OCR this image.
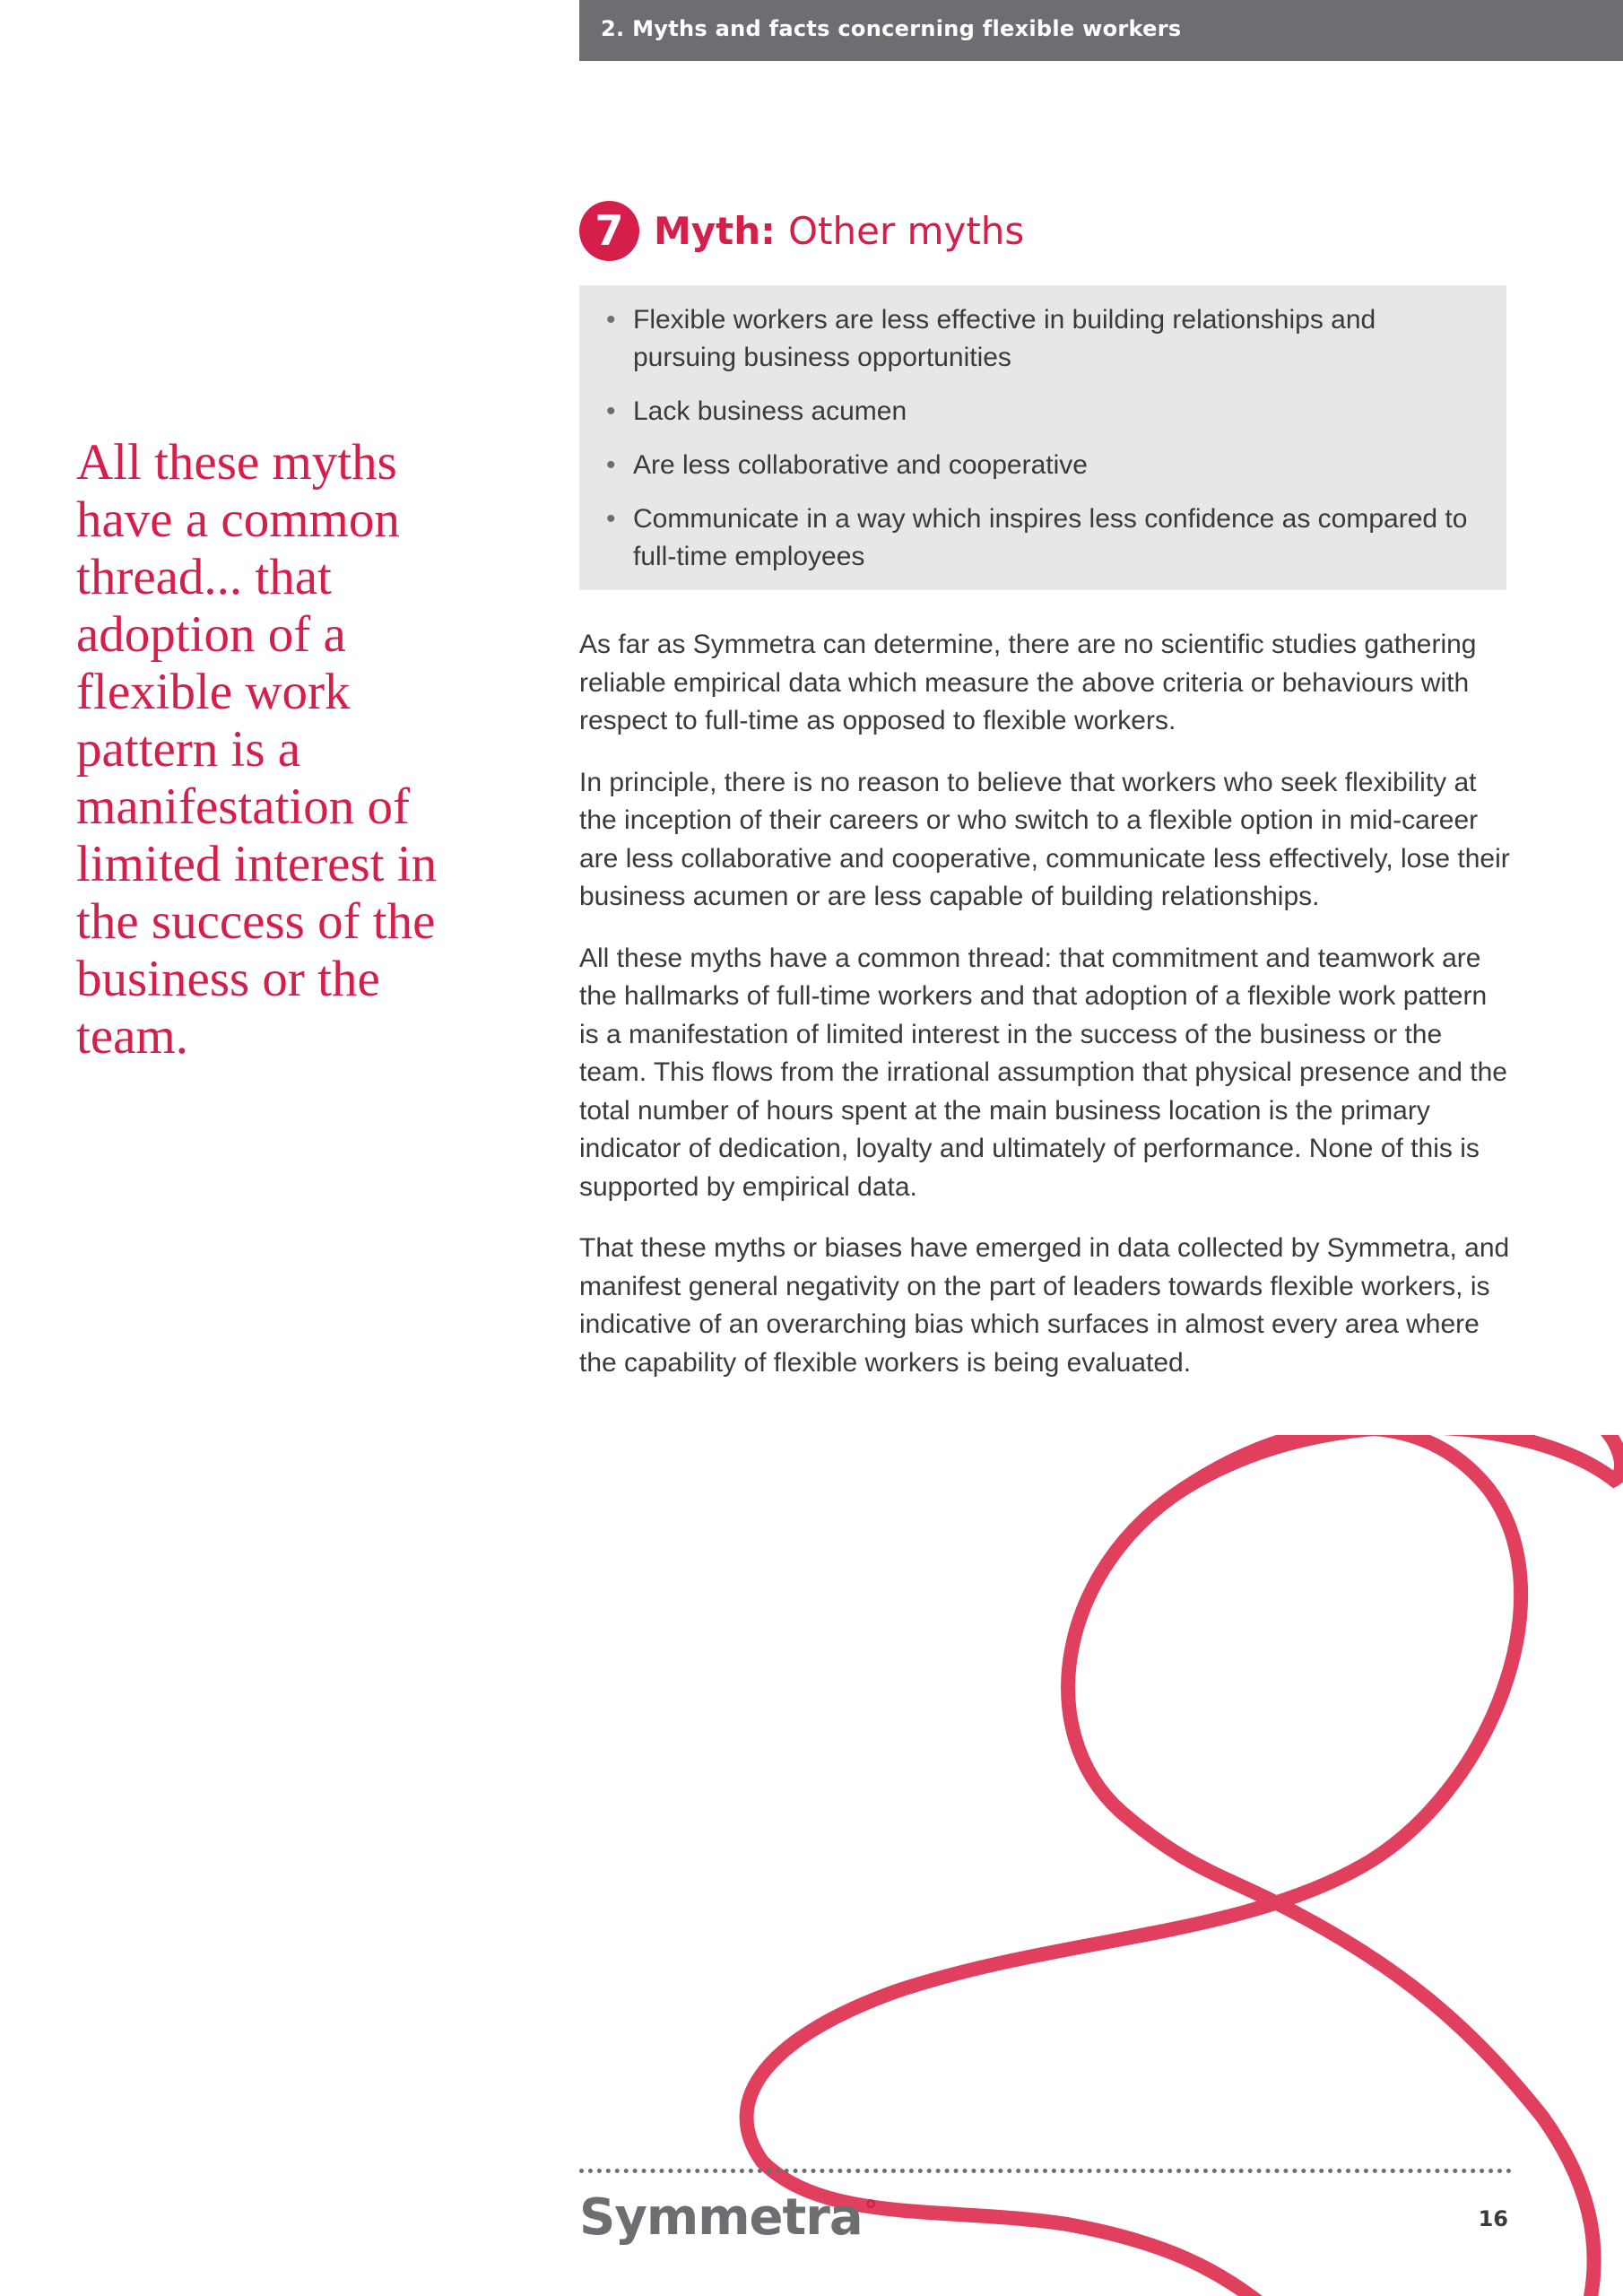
2. Myths and facts concerning flexible workers
All these myths have a common thread... that adoption of a flexible work pattern is a manifestation of limited interest in the success of the business or the team.
7 Myth: Other myths
• Flexible workers are less effective in building relationships and pursuing business opportunities
• Lack business acumen
• Are less collaborative and cooperative
• Communicate in a way which inspires less confidence as compared to full-time employees

As far as Symmetra can determine, there are no scientific studies gathering reliable empirical data which measure the above criteria or behaviours with respect to full-time as opposed to flexible workers.

In principle, there is no reason to believe that workers who seek flexibility at the inception of their careers or who switch to a flexible option in mid-career are less collaborative and cooperative, communicate less effectively, lose their business acumen or are less capable of building relationships.

All these myths have a common thread: that commitment and teamwork are the hallmarks of full-time workers and that adoption of a flexible work pattern is a manifestation of limited interest in the success of the business or the team. This flows from the irrational assumption that physical presence and the total number of hours spent at the main business location is the primary indicator of dedication, loyalty and ultimately of performance. None of this is supported by empirical data.

That these myths or biases have emerged in data collected by Symmetra, and manifest general negativity on the part of leaders towards flexible workers, is indicative of an overarching bias which surfaces in almost every area where the capability of flexible workers is being evaluated.

Symmetra°	16
